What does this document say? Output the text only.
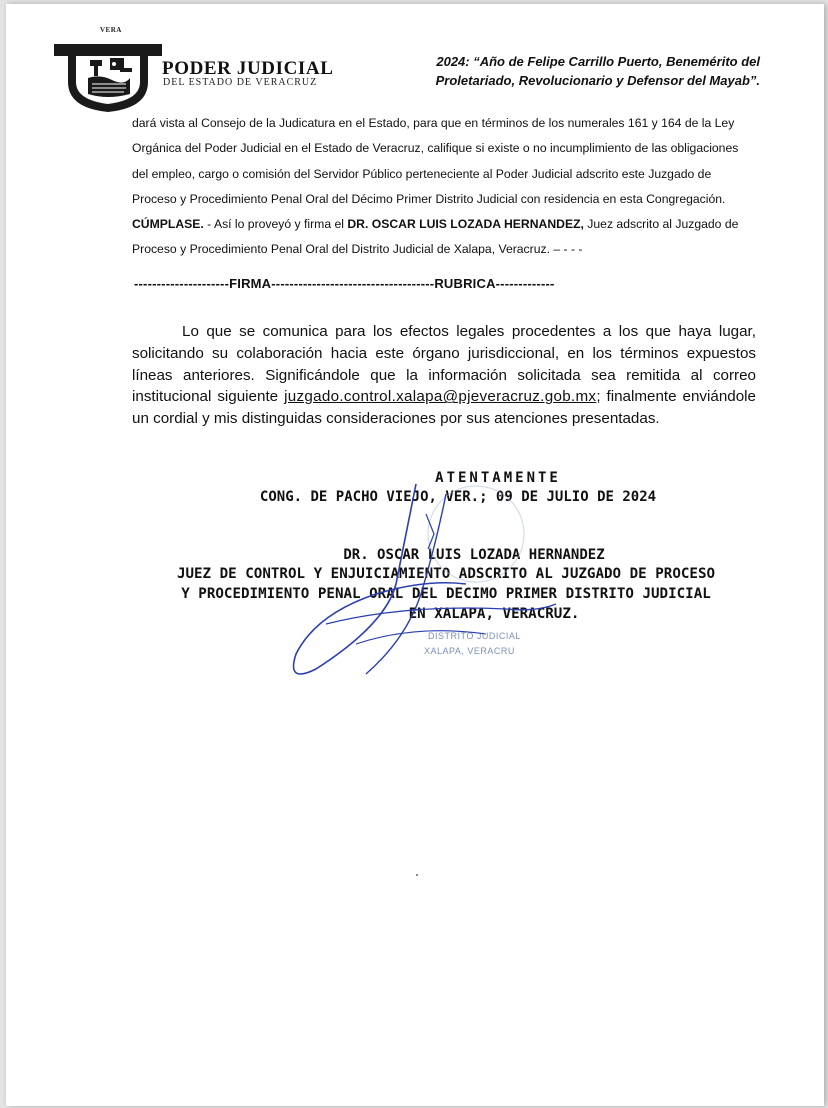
VERA
PODER JUDICIAL
DEL ESTADO DE VERACRUZ
2024: “Año de Felipe Carrillo Puerto, Benemérito del
Proletariado, Revolucionario y Defensor del Mayab”.

dará vista al Consejo de la Judicatura en el Estado, para que en términos de los numerales 161 y 164 de la Ley Orgánica del Poder Judicial en el Estado de Veracruz, califique si existe o no incumplimiento de las obligaciones del empleo, cargo o comisión del Servidor Público perteneciente al Poder Judicial adscrito este Juzgado de Proceso y Procedimiento Penal Oral del Décimo Primer Distrito Judicial con residencia en esta Congregación. CÚMPLASE. - Así lo proveyó y firma el DR. OSCAR LUIS LOZADA HERNANDEZ, Juez adscrito al Juzgado de Proceso y Procedimiento Penal Oral del Distrito Judicial de Xalapa, Veracruz. – - - -

---------------------FIRMA------------------------------------RUBRICA-------------

Lo que se comunica para los efectos legales procedentes a los que haya lugar, solicitando su colaboración hacia este órgano jurisdiccional, en los términos expuestos líneas anteriores. Significándole que la información solicitada sea remitida al correo institucional siguiente juzgado.control.xalapa@pjeveracruz.gob.mx; finalmente enviándole un cordial y mis distinguidas consideraciones por sus atenciones presentadas.

ATENTAMENTE
CONG. DE PACHO VIEJO, VER.; 09 DE JULIO DE 2024
DR. OSCAR LUIS LOZADA HERNANDEZ
JUEZ DE CONTROL Y ENJUICIAMIENTO ADSCRITO AL JUZGADO DE PROCESO
Y PROCEDIMIENTO PENAL ORAL DEL DECIMO PRIMER DISTRITO JUDICIAL
EN XALAPA, VERACRUZ.
DISTRITO JUDICIAL
XALAPA, VERACRU
